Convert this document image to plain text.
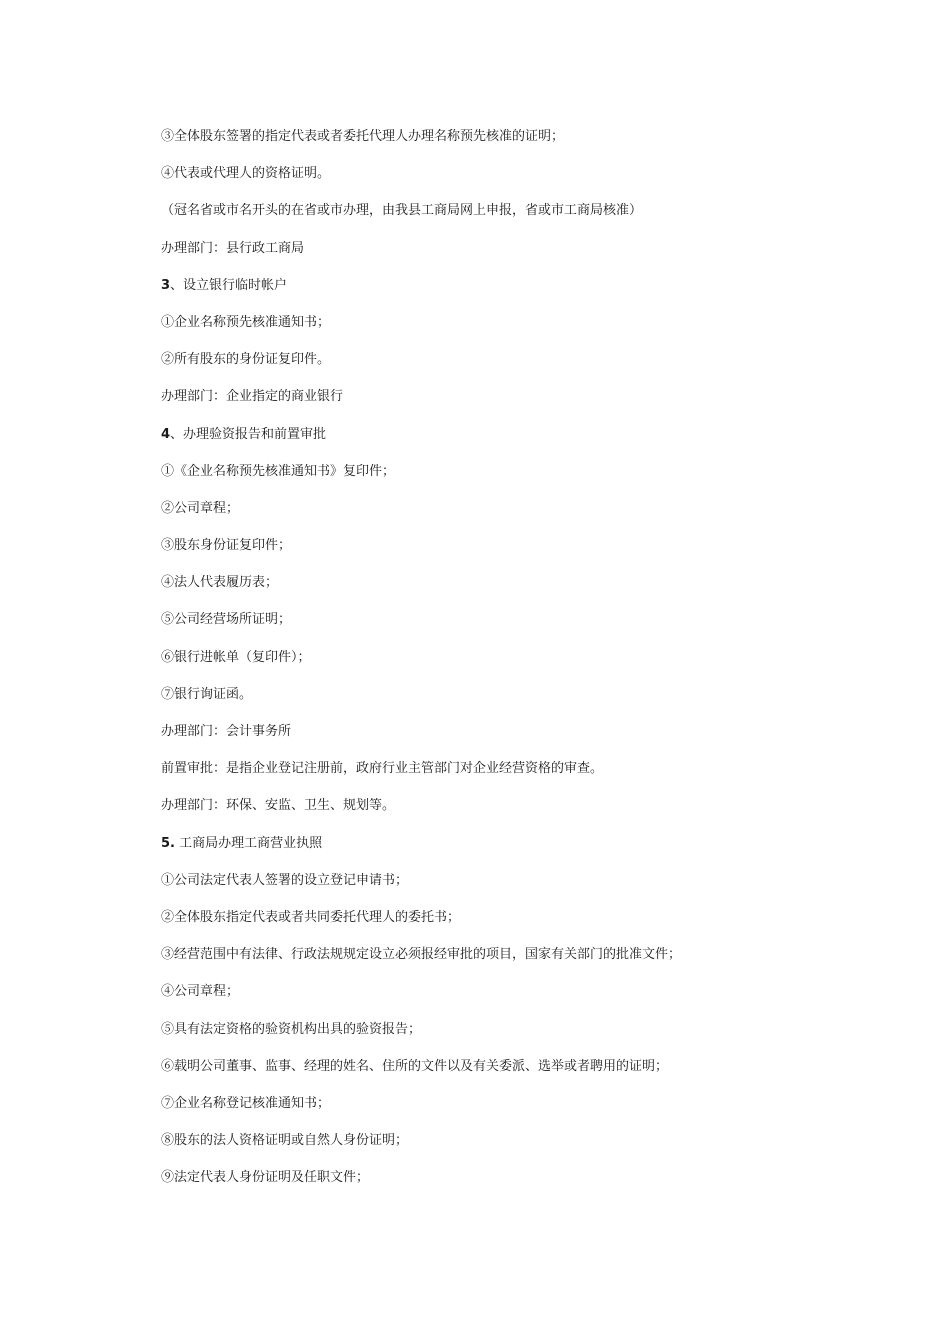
③全体股东签署的指定代表或者委托代理人办理名称预先核准的证明；
④代表或代理人的资格证明。
（冠名省或市名开头的在省或市办理，由我县工商局网上申报，省或市工商局核准）
办理部门：县行政工商局
3、设立银行临时帐户
①企业名称预先核准通知书；
②所有股东的身份证复印件。
办理部门：企业指定的商业银行
4、办理验资报告和前置审批
①《企业名称预先核准通知书》复印件；
②公司章程；
③股东身份证复印件；
④法人代表履历表；
⑤公司经营场所证明；
⑥银行进帐单（复印件）；
⑦银行询证函。
办理部门：会计事务所
前置审批：是指企业登记注册前，政府行业主管部门对企业经营资格的审查。
办理部门：环保、安监、卫生、规划等。
5. 工商局办理工商营业执照
①公司法定代表人签署的设立登记申请书；
②全体股东指定代表或者共同委托代理人的委托书；
③经营范围中有法律、行政法规规定设立必须报经审批的项目，国家有关部门的批准文件；
④公司章程；
⑤具有法定资格的验资机构出具的验资报告；
⑥载明公司董事、监事、经理的姓名、住所的文件以及有关委派、选举或者聘用的证明；
⑦企业名称登记核准通知书；
⑧股东的法人资格证明或自然人身份证明；
⑨法定代表人身份证明及任职文件；
